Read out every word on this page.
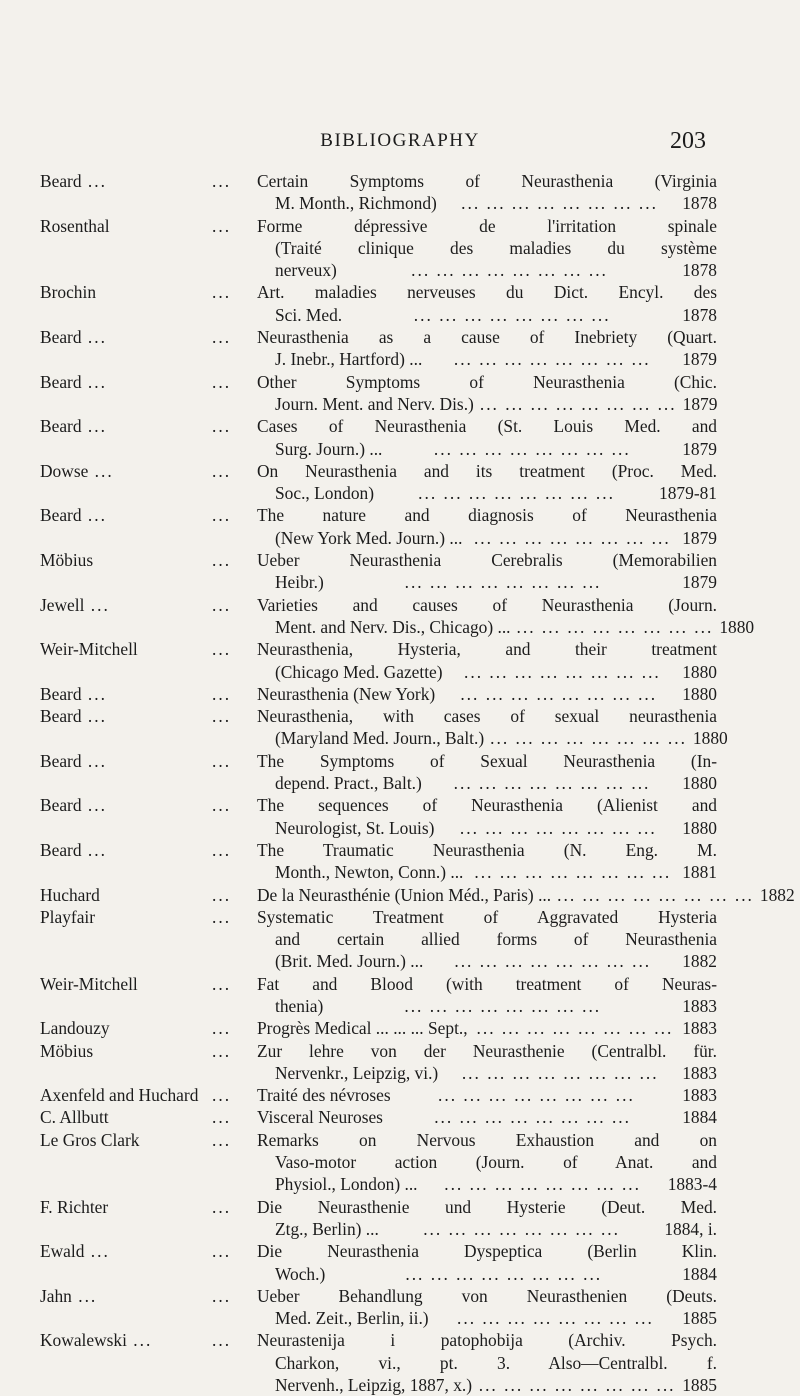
BIBLIOGRAPHY	203
Beard ...	... Certain Symptoms of Neurasthenia (Virginia
M. Month., Richmond)	... ... ... ... ... ... ... ...	1878
Rosenthal	... Forme dépressive de l'irritation spinale
(Traité clinique des maladies du système
nerveux)	... ... ... ... ... ... ... ...	1878
Brochin	... Art. maladies nerveuses du Dict. Encyl. des
Sci. Med.	... ... ... ... ... ... ... ...	1878
Beard ...	... Neurasthenia as a cause of Inebriety (Quart.
J. Inebr., Hartford) ...	... ... ... ... ... ... ... ...	1879
Beard ...	... Other Symptoms of Neurasthenia (Chic.
Journ. Ment. and Nerv. Dis.) ... ... ... ... ... ... ... ... 1879
Beard ...	... Cases of Neurasthenia (St. Louis Med. and
Surg. Journ.) ...	... ... ... ... ... ... ... ...	1879
Dowse ...	... On Neurasthenia and its treatment (Proc. Med.
Soc., London)	... ... ... ... ... ... ... ...	1879-81
Beard ...	... The nature and diagnosis of Neurasthenia
(New York Med. Journ.) ... ... ... ... ... ... ... ... ... 1879
Möbius	... Ueber Neurasthenia Cerebralis (Memorabilien
Heibr.)	... ... ... ... ... ... ... ...	1879
Jewell ...	... Varieties and causes of Neurasthenia (Journ.
Ment. and Nerv. Dis., Chicago) ... ... ... ... ... ... ... ... ... 1880
Weir-Mitchell	... Neurasthenia, Hysteria, and their treatment
(Chicago Med. Gazette)	... ... ... ... ... ... ... ...	1880
Beard ...	... Neurasthenia (New York)	... ... ... ... ... ... ... ...	1880
Beard ...	... Neurasthenia, with cases of sexual neurasthenia
(Maryland Med. Journ., Balt.) ... ... ... ... ... ... ... ... 1880
Beard ...	... The Symptoms of Sexual Neurasthenia (In-
depend. Pract., Balt.)	... ... ... ... ... ... ... ...	1880
Beard ...	... The sequences of Neurasthenia (Alienist and
Neurologist, St. Louis)	... ... ... ... ... ... ... ...	1880
Beard ...	... The Traumatic Neurasthenia (N. Eng. M.
Month., Newton, Conn.) ... ... ... ... ... ... ... ... ... 1881
Huchard	... De la Neurasthénie (Union Méd., Paris) ... ... ... ... ... ... ... ... ... 1882
Playfair	... Systematic Treatment of Aggravated Hysteria
and certain allied forms of Neurasthenia
(Brit. Med. Journ.) ...	... ... ... ... ... ... ... ...	1882
Weir-Mitchell	... Fat and Blood (with treatment of Neuras-
thenia)	... ... ... ... ... ... ... ...	1883
Landouzy	... Progrès Medical ... ... ... Sept., ... ... ... ... ... ... ... ... 1883
Möbius	... Zur lehre von der Neurasthenie (Centralbl. für.
Nervenkr., Leipzig, vi.)	... ... ... ... ... ... ... ...	1883
Axenfeld and Huchard ... Traité des névroses	... ... ... ... ... ... ... ...	1883
C. Allbutt	... Visceral Neuroses	... ... ... ... ... ... ... ...	1884
Le Gros Clark	... Remarks on Nervous Exhaustion and on
Vaso-motor action (Journ. of Anat. and
Physiol., London) ...	... ... ... ... ... ... ... ...	1883-4
F. Richter	... Die Neurasthenie und Hysterie (Deut. Med.
Ztg., Berlin) ...	... ... ... ... ... ... ... ...	1884, i.
Ewald ...	... Die Neurasthenia Dyspeptica (Berlin Klin.
Woch.)	... ... ... ... ... ... ... ...	1884
Jahn ...	... Ueber Behandlung von Neurasthenien (Deuts.
Med. Zeit., Berlin, ii.)	... ... ... ... ... ... ... ...	1885
Kowalewski ...	... Neurastenija i patophobija (Archiv. Psych.
Charkon, vi., pt. 3. Also—Centralbl. f.
Nervenh., Leipzig, 1887, x.) ... ... ... ... ... ... ... ... 1885
